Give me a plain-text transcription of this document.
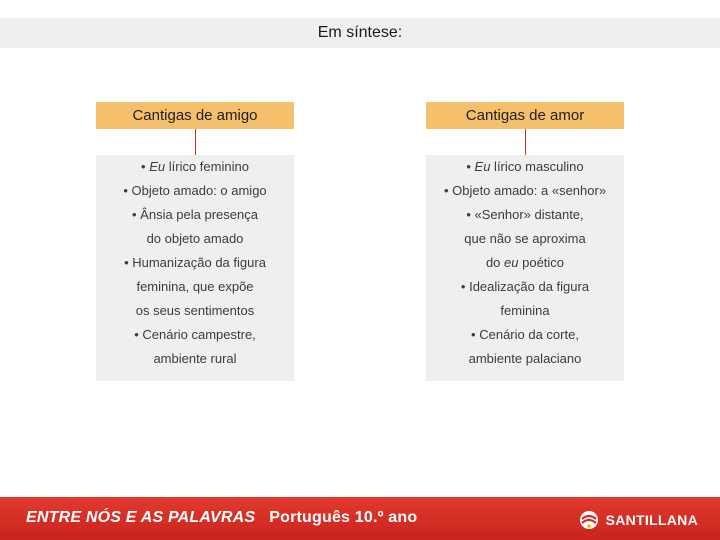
Em síntese:
Cantigas de amigo
• Eu lírico feminino
• Objeto amado: o amigo
• Ânsia pela presença
do objeto amado
• Humanização da figura
feminina, que expõe
os seus sentimentos
• Cenário campestre,
ambiente rural
Cantigas de amor
• Eu lírico masculino
• Objeto amado: a «senhor»
• «Senhor» distante,
que não se aproxima
do eu poético
• Idealização da figura
feminina
• Cenário da corte,
ambiente palaciano
ENTRE NÓS E AS PALAVRAS Português 10.º ano	SANTILLANA
